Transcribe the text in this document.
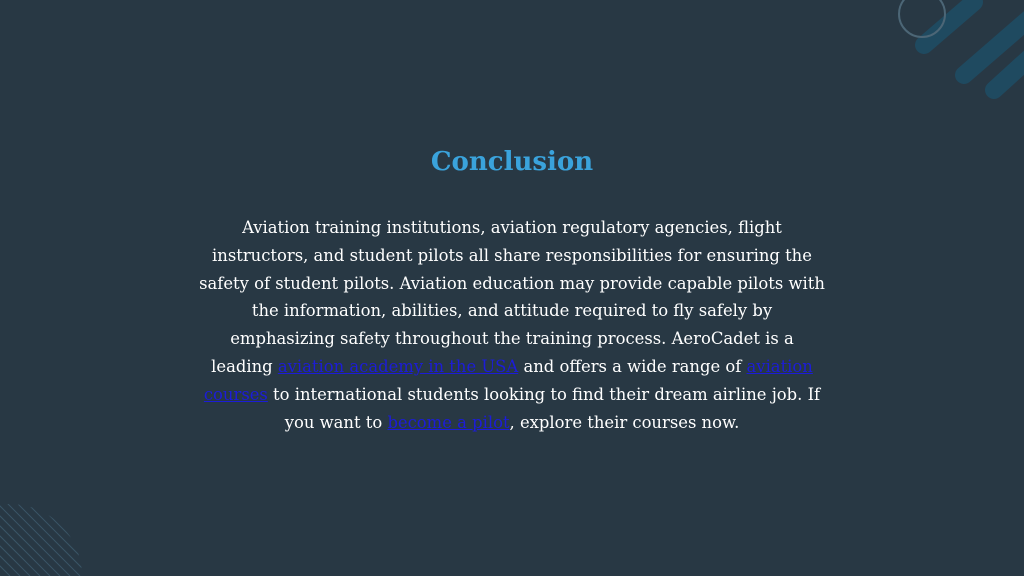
Conclusion

Aviation training institutions, aviation regulatory agencies, flight instructors, and student pilots all share responsibilities for ensuring the safety of student pilots. Aviation education may provide capable pilots with the information, abilities, and attitude required to fly safely by emphasizing safety throughout the training process. AeroCadet is a leading aviation academy in the USA and offers a wide range of aviation courses to international students looking to find their dream airline job. If you want to become a pilot, explore their courses now.
